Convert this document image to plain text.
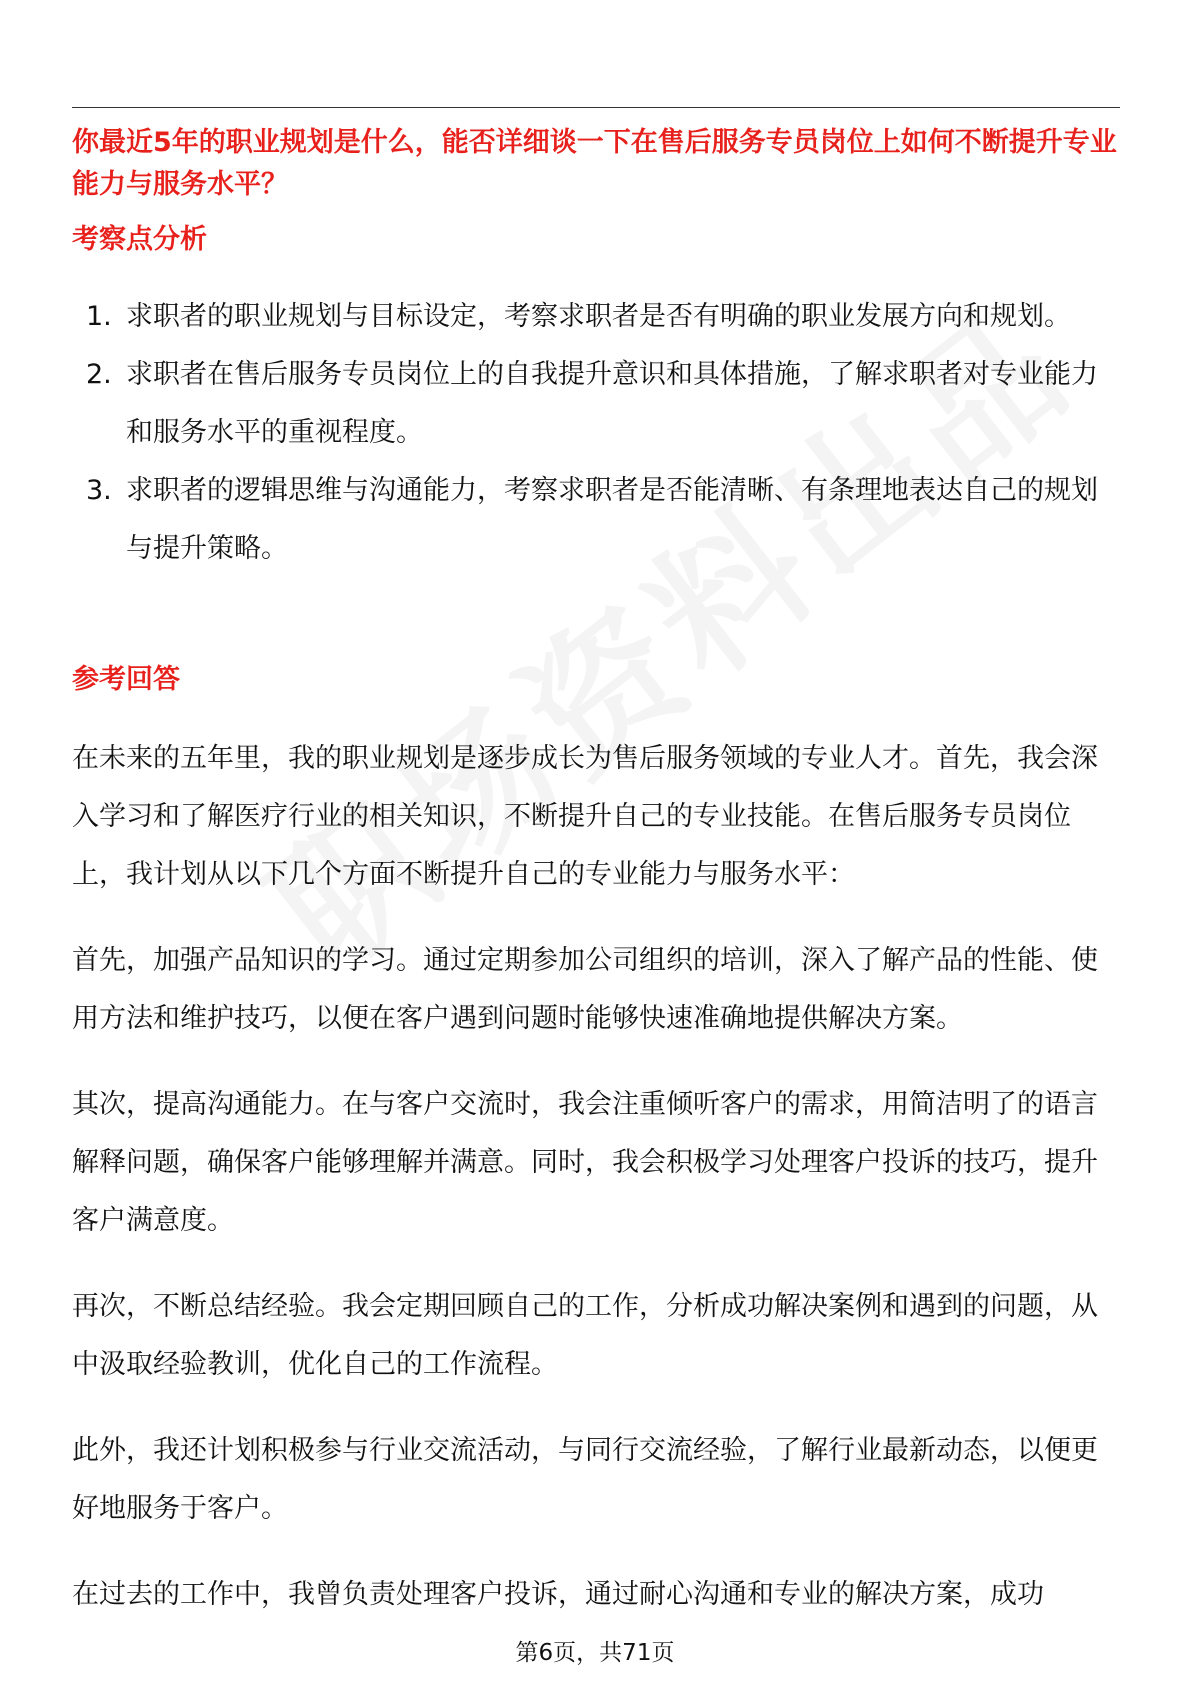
你最近5年的职业规划是什么，能否详细谈一下在售后服务专员岗位上如何不断提升专业能力与服务水平？
考察点分析
1. 求职者的职业规划与目标设定，考察求职者是否有明确的职业发展方向和规划。
2. 求职者在售后服务专员岗位上的自我提升意识和具体措施，了解求职者对专业能力和服务水平的重视程度。
3. 求职者的逻辑思维与沟通能力，考察求职者是否能清晰、有条理地表达自己的规划与提升策略。
参考回答

在未来的五年里，我的职业规划是逐步成长为售后服务领域的专业人才。首先，我会深入学习和了解医疗行业的相关知识，不断提升自己的专业技能。在售后服务专员岗位上，我计划从以下几个方面不断提升自己的专业能力与服务水平：

首先，加强产品知识的学习。通过定期参加公司组织的培训，深入了解产品的性能、使用方法和维护技巧，以便在客户遇到问题时能够快速准确地提供解决方案。

其次，提高沟通能力。在与客户交流时，我会注重倾听客户的需求，用简洁明了的语言解释问题，确保客户能够理解并满意。同时，我会积极学习处理客户投诉的技巧，提升客户满意度。

再次，不断总结经验。我会定期回顾自己的工作，分析成功解决案例和遇到的问题，从中汲取经验教训，优化自己的工作流程。

此外，我还计划积极参与行业交流活动，与同行交流经验，了解行业最新动态，以便更好地服务于客户。

在过去的工作中，我曾负责处理客户投诉，通过耐心沟通和专业的解决方案，成功

第6页，共71页
